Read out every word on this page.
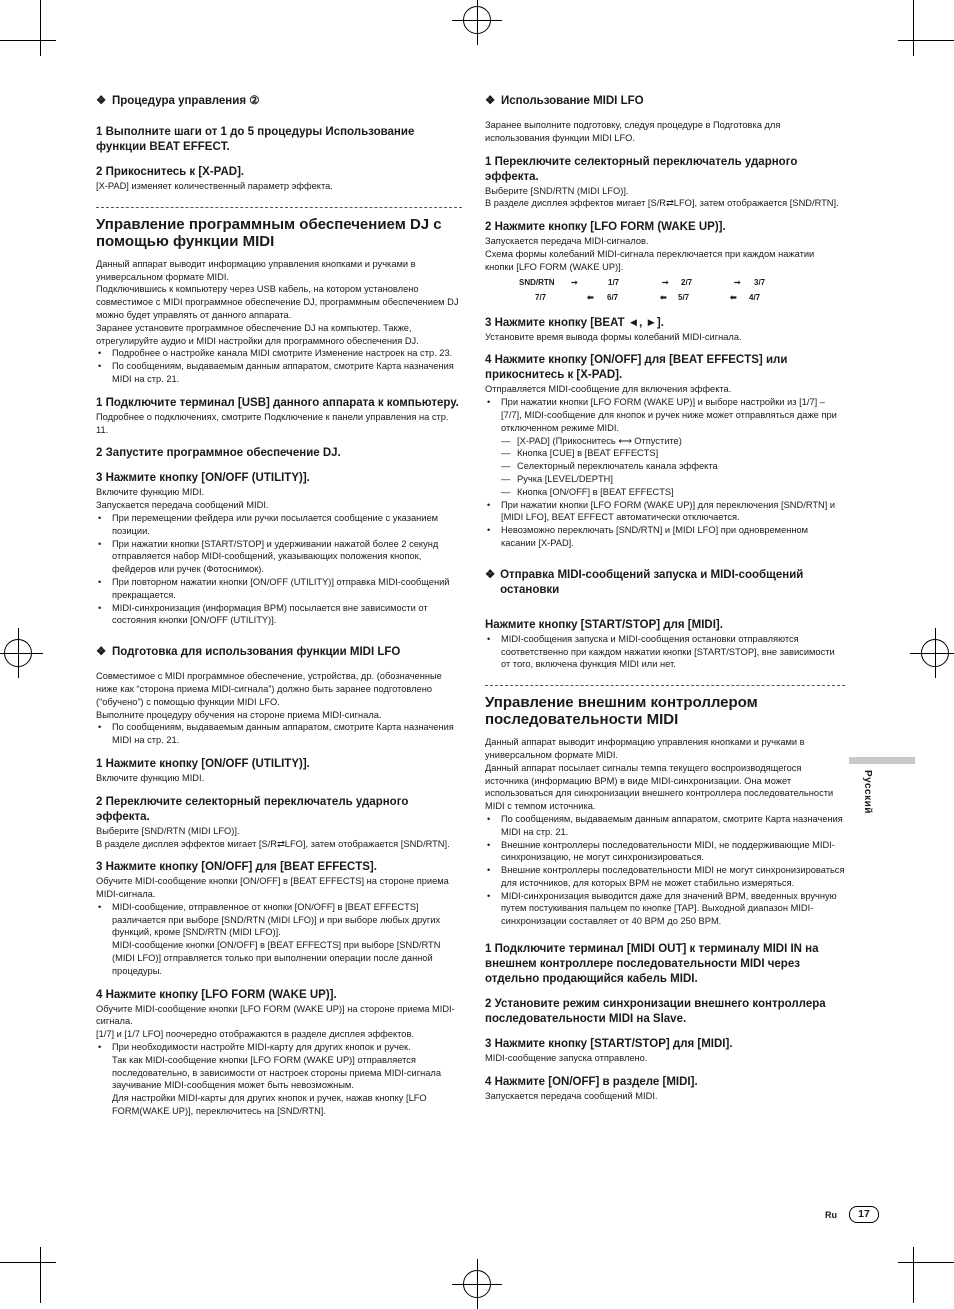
❖ Процедура управления ②

1 Выполните шаги от 1 до 5 процедуры Использование функции BEAT EFFECT.

2 Прикоснитесь к [X-PAD].

[X-PAD] изменяет количественный параметр эффекта.

Управление программным обеспечением DJ с помощью функции MIDI

Данный аппарат выводит информацию управления кнопками и ручками в универсальном формате MIDI.
Подключившись к компьютеру через USB кабель, на котором установлено совместимое с MIDI программное обеспечение DJ, программным обеспечением DJ можно будет управлять от данного аппарата.
Заранее установите программное обеспечение DJ на компьютер. Также, отрегулируйте аудио и MIDI настройки для программного обеспечения DJ.

• Подробнее о настройке канала MIDI смотрите Изменение настроек на стр. 23.
• По сообщениям, выдаваемым данным аппаратом, смотрите Карта назначения MIDI на стр. 21.

1 Подключите терминал [USB] данного аппарата к компьютеру.

Подробнее о подключениях, смотрите Подключение к панели управления на стр. 11.

2 Запустите программное обеспечение DJ.

3 Нажмите кнопку [ON/OFF (UTILITY)].

Включите функцию MIDI.
Запускается передача сообщений MIDI.

• При перемещении фейдера или ручки посылается сообщение с указанием позиции.
• При нажатии кнопки [START/STOP] и удерживании нажатой более 2 секунд отправляется набор MIDI-сообщений, указывающих положения кнопок, фейдеров или ручек (Фотоснимок).
• При повторном нажатии кнопки [ON/OFF (UTILITY)] отправка MIDI-сообщений прекращается.
• MIDI-синхронизация (информация BPM) посылается вне зависимости от состояния кнопки [ON/OFF (UTILITY)].
❖ Подготовка для использования функции MIDI LFO

Совместимое с MIDI программное обеспечение, устройства, др. (обозначенные ниже как “сторона приема MIDI-сигнала”) должно быть заранее подготовлено (“обучено”) с помощью функции MIDI LFO.
Выполните процедуру обучения на стороне приема MIDI-сигнала.

• По сообщениям, выдаваемым данным аппаратом, смотрите Карта назначения MIDI на стр. 21.

1 Нажмите кнопку [ON/OFF (UTILITY)].

Включите функцию MIDI.

2 Переключите селекторный переключатель ударного эффекта.

Выберите [SND/RTN (MIDI LFO)].
В разделе дисплея эффектов мигает [S/R⇄LFO], затем отображается [SND/RTN].

3 Нажмите кнопку [ON/OFF] для [BEAT EFFECTS].

Обучите MIDI-сообщение кнопки [ON/OFF] в [BEAT EFFECTS] на стороне приема MIDI-сигнала.

• MIDI-сообщение, отправленное от кнопки [ON/OFF] в [BEAT EFFECTS] различается при выборе [SND/RTN (MIDI LFO)] и при выборе любых других функций, кроме [SND/RTN (MIDI LFO)].
MIDI-сообщение кнопки [ON/OFF] в [BEAT EFFECTS] при выборе [SND/RTN (MIDI LFO)] отправляется только при выполнении операции после данной процедуры.

4 Нажмите кнопку [LFO FORM (WAKE UP)].

Обучите MIDI-сообщение кнопки [LFO FORM (WAKE UP)] на стороне приема MIDI-сигнала.
[1/7] и [1/7 LFO] поочередно отображаются в разделе дисплея эффектов.

• При необходимости настройте MIDI-карту для других кнопок и ручек.
Так как MIDI-сообщение кнопки [LFO FORM (WAKE UP)] отправляется последовательно, в зависимости от настроек стороны приема MIDI-сигнала заучивание MIDI-сообщения может быть невозможным.
Для настройки MIDI-карты для других кнопок и ручек, нажав кнопку [LFO FORM(WAKE UP)], переключитесь на [SND/RTN].
❖ Использование MIDI LFO

Заранее выполните подготовку, следуя процедуре в Подготовка для использования функции MIDI LFO.

1 Переключите селекторный переключатель ударного эффекта.

Выберите [SND/RTN (MIDI LFO)].
В разделе дисплея эффектов мигает [S/R⇄LFO], затем отображается [SND/RTN].

2 Нажмите кнопку [LFO FORM (WAKE UP)].

Запускается передача MIDI-сигналов.
Схема формы колебаний MIDI-сигнала переключается при каждом нажатии кнопки [LFO FORM (WAKE UP)].

SND/RTN ➞	1/7	➞ 2/7	➞ 3/7
7/7	⬅ 6/7	⬅ 5/7	⬅ 4/7

3 Нажмите кнопку [BEAT ◄, ►].

Установите время вывода формы колебаний MIDI-сигнала.

4 Нажмите кнопку [ON/OFF] для [BEAT EFFECTS] или прикоснитесь к [X-PAD].

Отправляется MIDI-сообщение для включения эффекта.

• При нажатии кнопки [LFO FORM (WAKE UP)] и выборе настройки из [1/7] – [7/7], MIDI-сообщение для кнопок и ручек ниже может отправляться даже при отключенном режиме MIDI.
— [X-PAD] (Прикоснитесь ⟷ Отпустите)
— Кнопка [CUE] в [BEAT EFFECTS]
— Селекторный переключатель канала эффекта
— Ручка [LEVEL/DEPTH]
— Кнопка [ON/OFF] в [BEAT EFFECTS]
• При нажатии кнопки [LFO FORM (WAKE UP)] для переключения [SND/RTN] и [MIDI LFO], BEAT EFFECT автоматически отключается.
• Невозможно переключать [SND/RTN] и [MIDI LFO] при одновременном касании [X-PAD].
❖ Отправка MIDI-сообщений запуска и MIDI-сообщений остановки

Нажмите кнопку [START/STOP] для [MIDI].

• MIDI-сообщения запуска и MIDI-сообщения остановки отправляются соответственно при каждом нажатии кнопки [START/STOP], вне зависимости от того, включена функция MIDI или нет.
Управление внешним контроллером последовательности MIDI

Данный аппарат выводит информацию управления кнопками и ручками в универсальном формате MIDI.
Данный аппарат посылает сигналы темпа текущего воспроизводящегося источника (информацию BPM) в виде MIDI-синхронизации. Она может использоваться для синхронизации внешнего контроллера последовательности MIDI с темпом источника.

• По сообщениям, выдаваемым данным аппаратом, смотрите Карта назначения MIDI на стр. 21.
• Внешние контроллеры последовательности MIDI, не поддерживающие MIDI-синхронизацию, не могут синхронизироваться.
• Внешние контроллеры последовательности MIDI не могут синхронизироваться для источников, для которых BPM не может стабильно измеряться.
• MIDI-синхронизация выводится даже для значений BPM, введенных вручную путем постукивания пальцем по кнопке [TAP]. Выходной диапазон MIDI-синхронизации составляет от 40 BPM до 250 BPM.

1 Подключите терминал [MIDI OUT] к терминалу MIDI IN на внешнем контроллере последовательности MIDI через отдельно продающийся кабель MIDI.

2 Установите режим синхронизации внешнего контроллера последовательности MIDI на Slave.

3 Нажмите кнопку [START/STOP] для [MIDI].

MIDI-сообщение запуска отправлено.

4 Нажмите [ON/OFF] в разделе [MIDI].

Запускается передача сообщений MIDI.

Русский
Ru	17
